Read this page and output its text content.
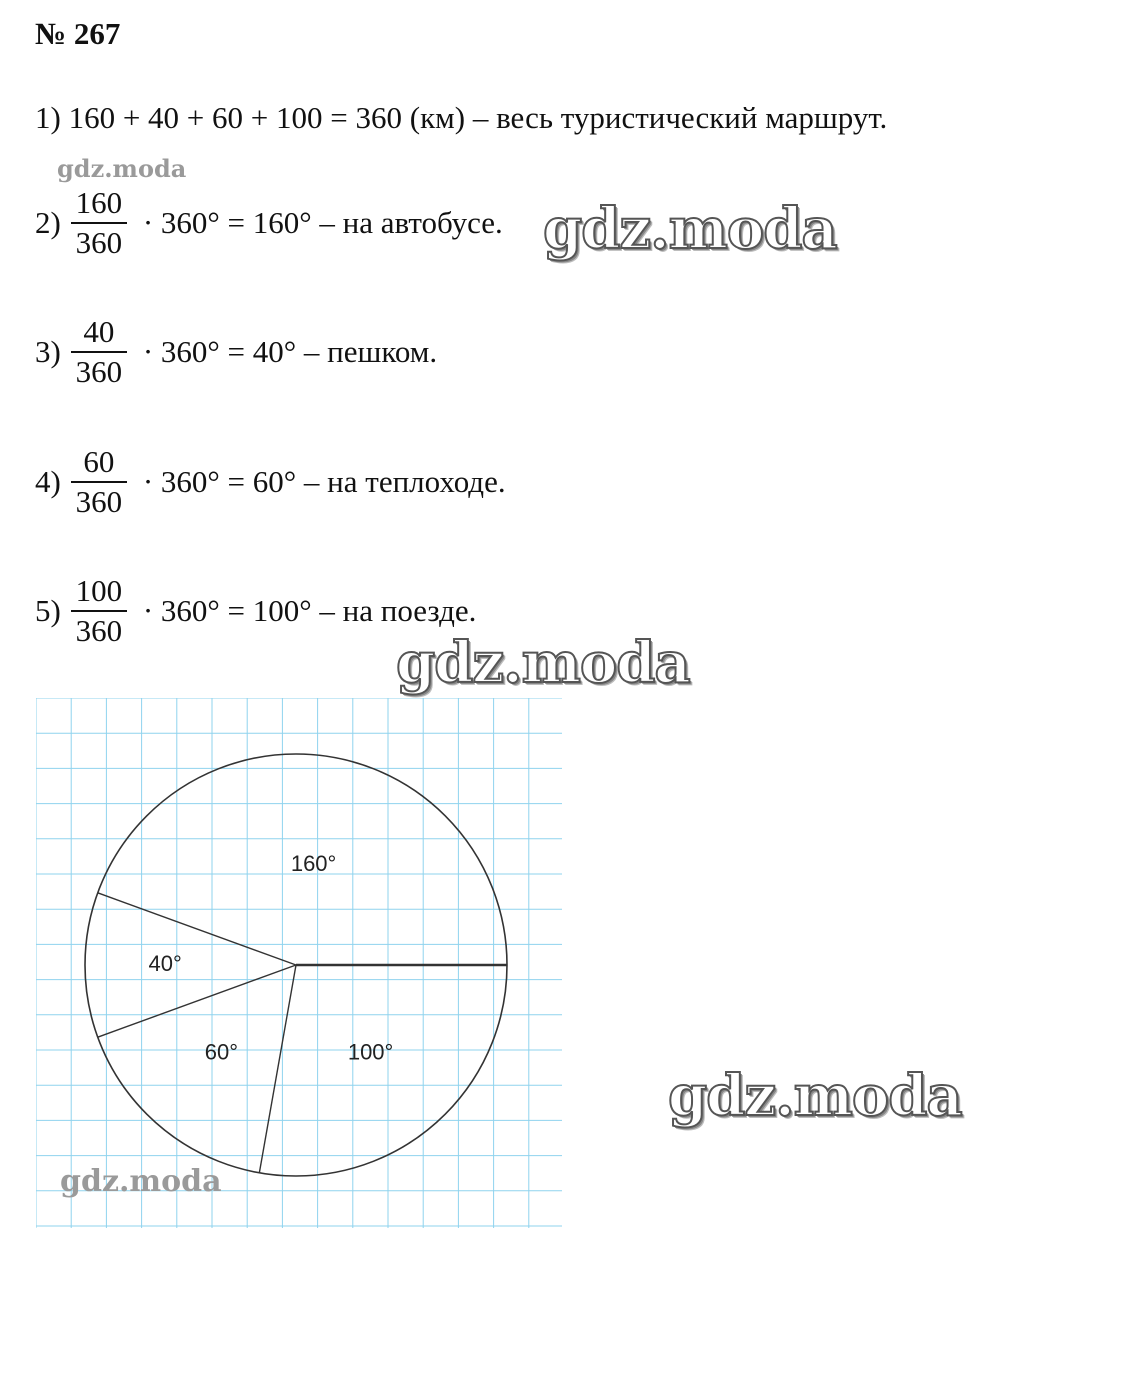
№ 267
1) 160 + 40 + 60 + 100 = 360 (км) – весь туристический маршрут.
gdz.moda
$2) \frac{160}{360} \cdot 360^\circ = 160^\circ$ – на автобусе.
$3) \frac{40}{360} \cdot 360^\circ = 40^\circ$ – пешком.
$4) \frac{60}{360} \cdot 360^\circ = 60^\circ$ – на теплоходе.
$5) \frac{100}{360} \cdot 360^\circ = 100^\circ$ – на поезде.
gdz.moda
gdz.moda
gdz.moda
160°
40°
60°	100°
gdz.moda
